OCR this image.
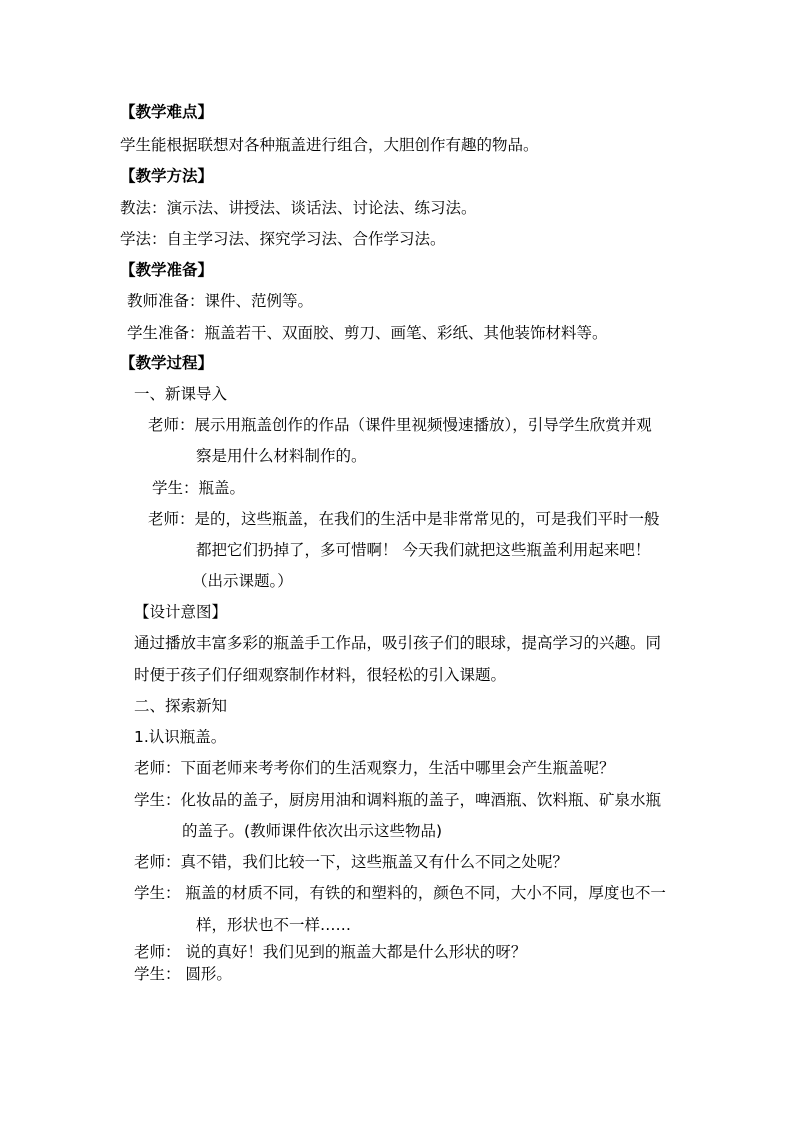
【教学难点】
学生能根据联想对各种瓶盖进行组合，大胆创作有趣的物品。
【教学方法】
教法：演示法、讲授法、谈话法、讨论法、练习法。
学法：自主学习法、探究学习法、合作学习法。
【教学准备】
教师准备：课件、范例等。
学生准备：瓶盖若干、双面胶、剪刀、画笔、彩纸、其他装饰材料等。
【教学过程】
一、新课导入
老师：展示用瓶盖创作的作品（课件里视频慢速播放），引导学生欣赏并观
察是用什么材料制作的。
学生：瓶盖。
老师：是的，这些瓶盖，在我们的生活中是非常常见的，可是我们平时一般
都把它们扔掉了，多可惜啊！ 今天我们就把这些瓶盖利用起来吧！
（出示课题。）
【设计意图】
通过播放丰富多彩的瓶盖手工作品，吸引孩子们的眼球，提高学习的兴趣。同
时便于孩子们仔细观察制作材料，很轻松的引入课题。
二、探索新知
1.认识瓶盖。
老师：下面老师来考考你们的生活观察力，生活中哪里会产生瓶盖呢？
学生：化妆品的盖子，厨房用油和调料瓶的盖子，啤酒瓶、饮料瓶、矿泉水瓶
的盖子。(教师课件依次出示这些物品)
老师：真不错，我们比较一下，这些瓶盖又有什么不同之处呢？
学生： 瓶盖的材质不同，有铁的和塑料的，颜色不同，大小不同，厚度也不一
样，形状也不一样……
老师： 说的真好！我们见到的瓶盖大都是什么形状的呀？
学生： 圆形。
